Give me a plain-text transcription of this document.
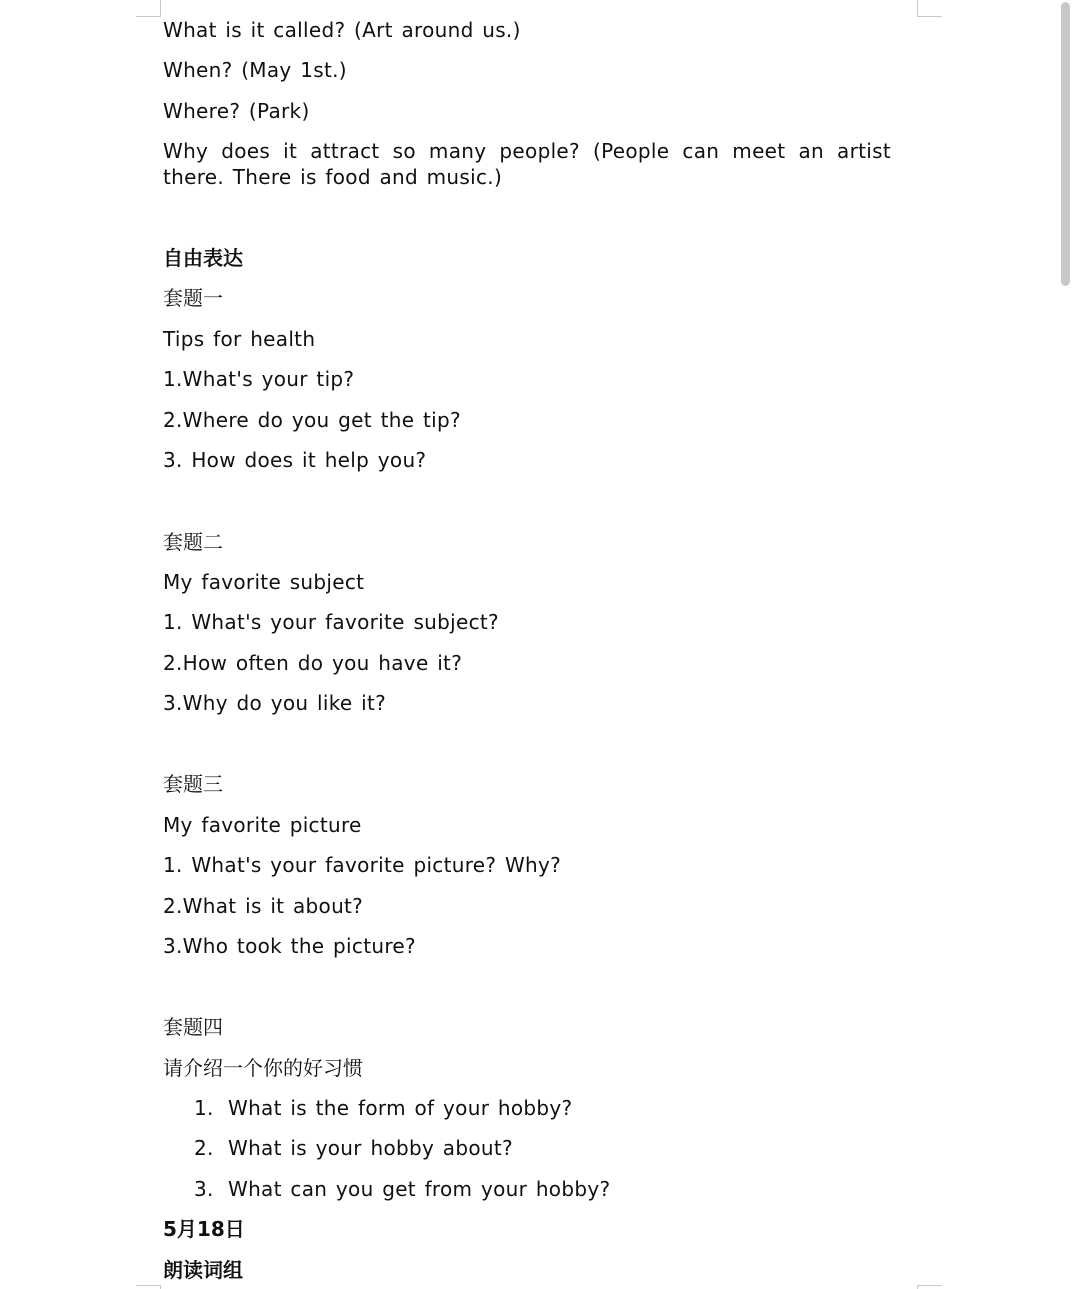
What is it called? (Art around us.)
When? (May 1st.)
Where? (Park)
Why does it attract so many people? (People can meet an artist there. There is food and music.)
自由表达
套题一
Tips for health
1.What's your tip?
2.Where do you get the tip?
3. How does it help you?
套题二
My favorite subject
1. What's your favorite subject?
2.How often do you have it?
3.Why do you like it?
套题三
My favorite picture
1. What's your favorite picture? Why?
2.What is it about?
3.Who took the picture?
套题四
请介绍一个你的好习惯
1. What is the form of your hobby?
2. What is your hobby about?
3. What can you get from your hobby?
5月18日
朗读词组
